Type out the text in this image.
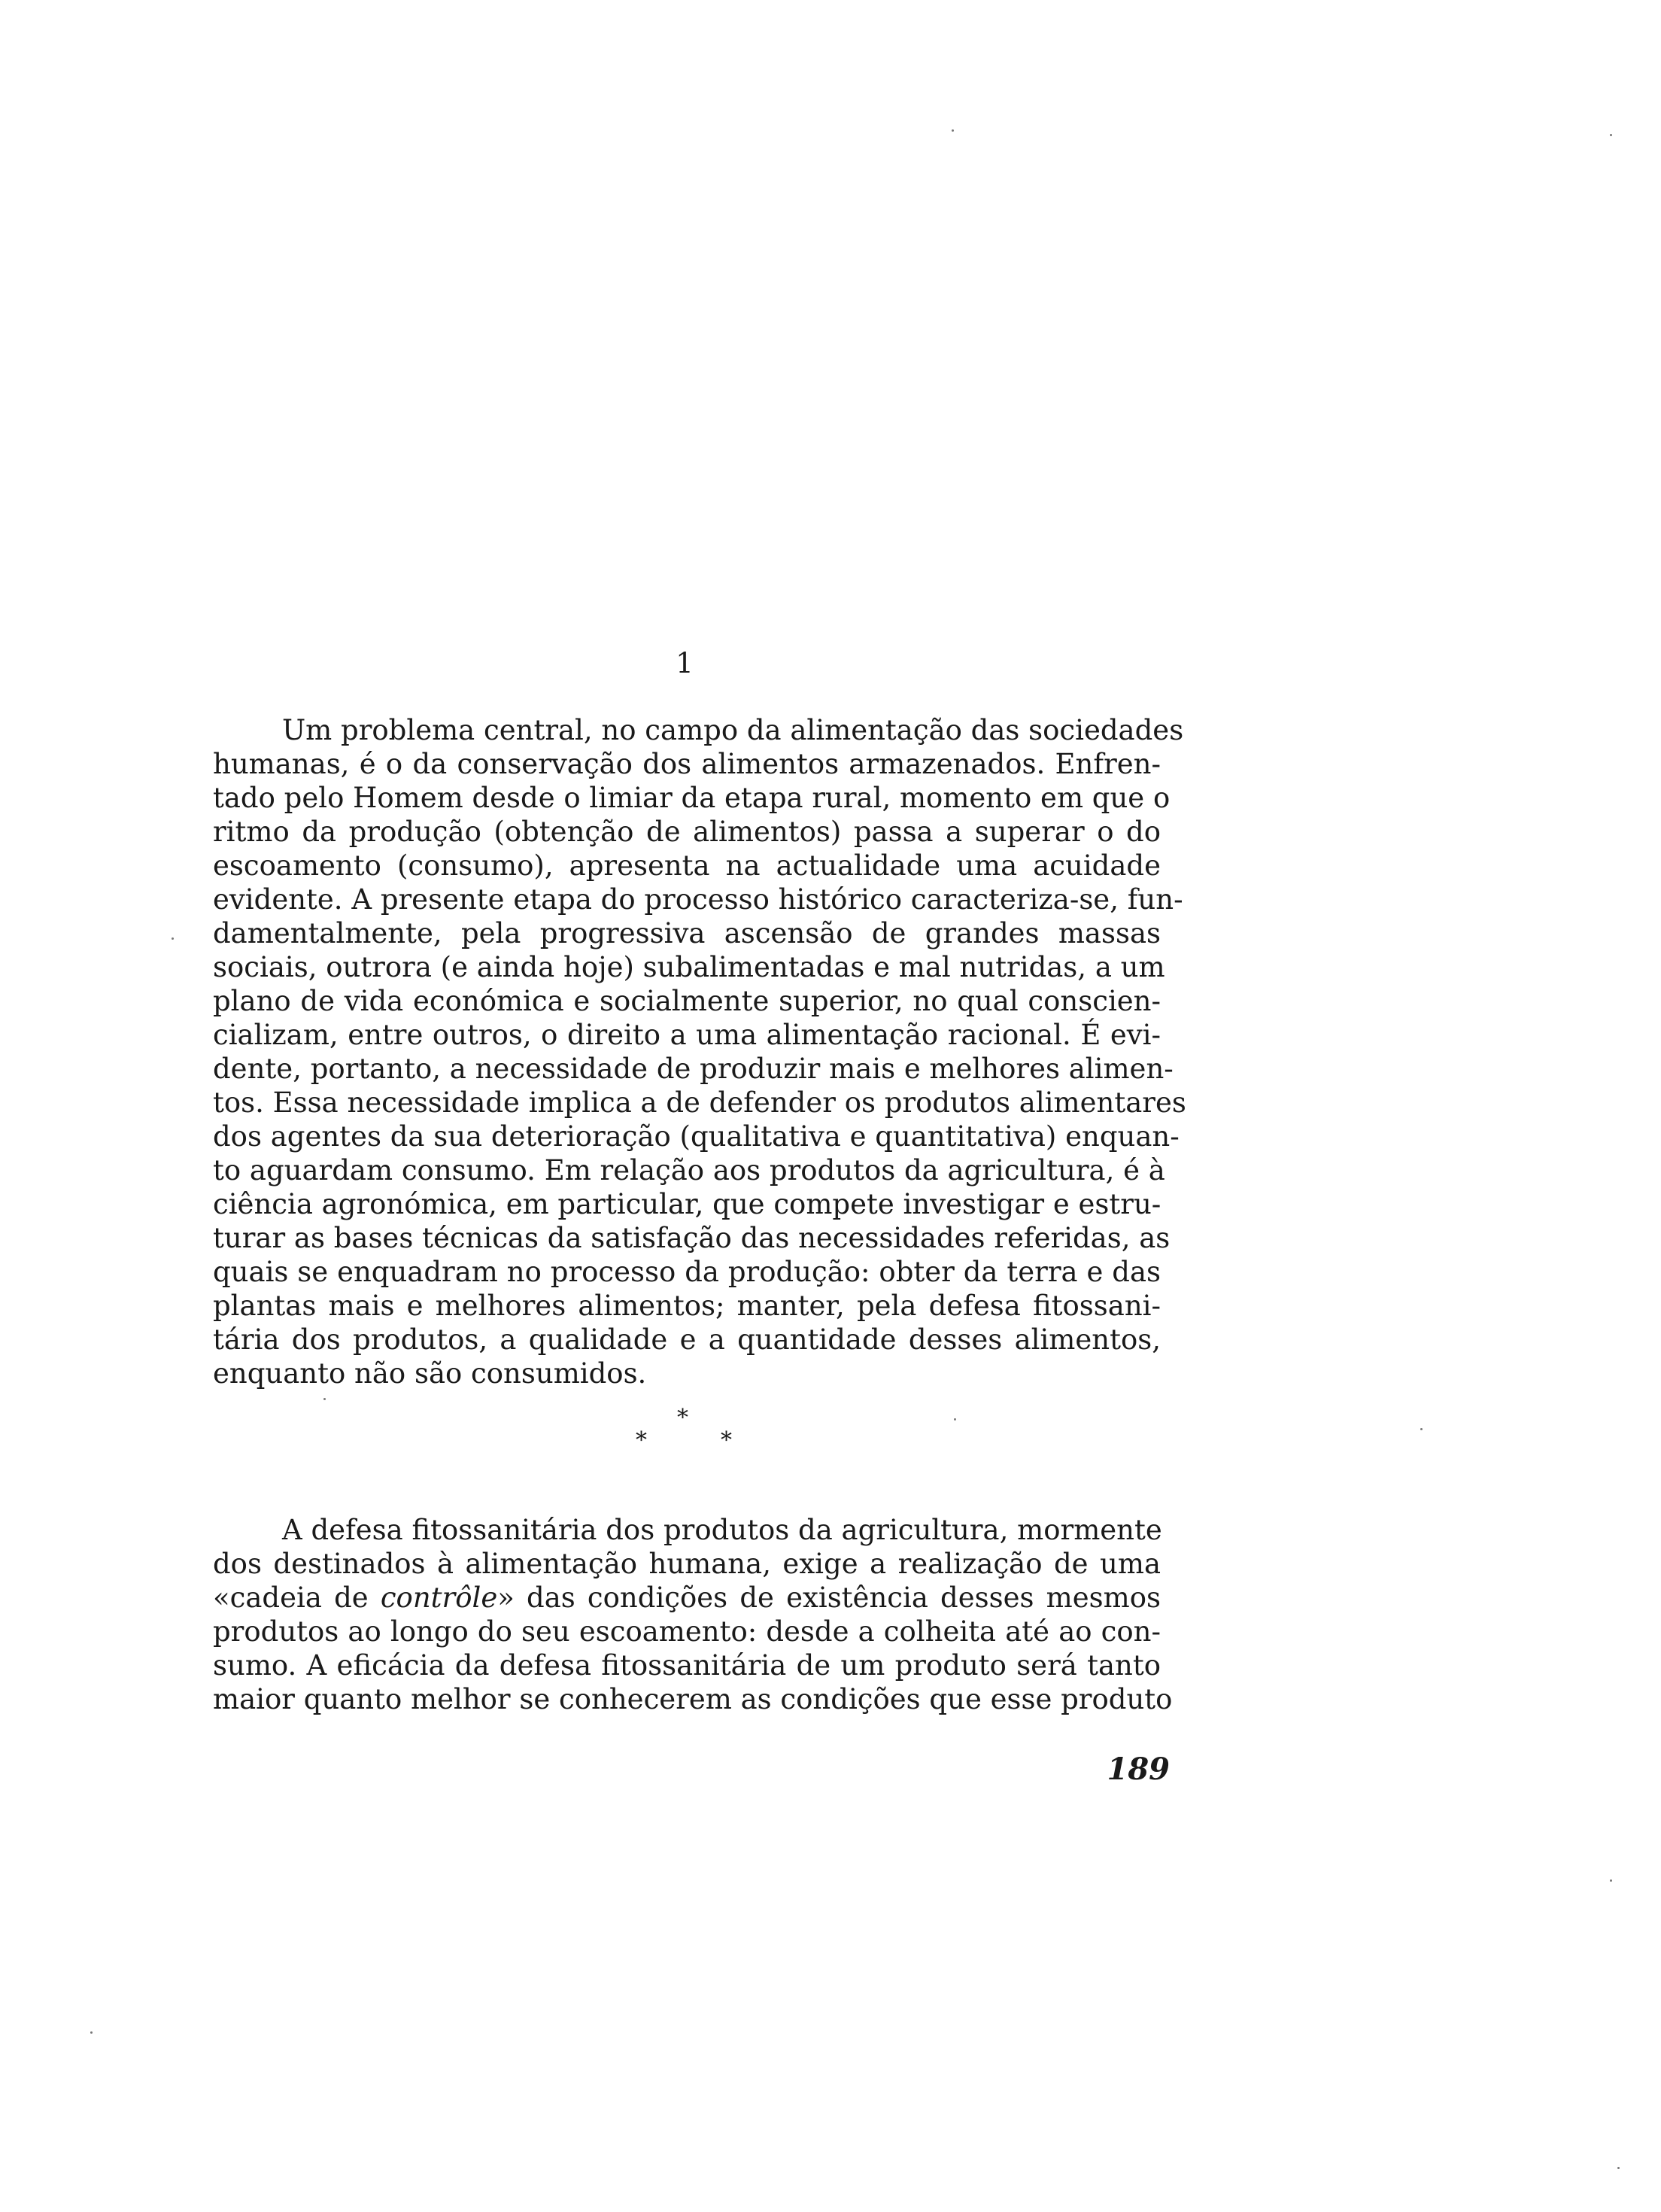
1
Um problema central, no campo da alimentação das sociedades
humanas, é o da conservação dos alimentos armazenados. Enfren-
tado pelo Homem desde o limiar da etapa rural, momento em que o
ritmo da produção (obtenção de alimentos) passa a superar o do
escoamento (consumo), apresenta na actualidade uma acuidade
evidente. A presente etapa do processo histórico caracteriza-se, fun-
damentalmente, pela progressiva ascensão de grandes massas
sociais, outrora (e ainda hoje) subalimentadas e mal nutridas, a um
plano de vida económica e socialmente superior, no qual conscien-
cializam, entre outros, o direito a uma alimentação racional. É evi-
dente, portanto, a necessidade de produzir mais e melhores alimen-
tos. Essa necessidade implica a de defender os produtos alimentares
dos agentes da sua deterioração (qualitativa e quantitativa) enquan-
to aguardam consumo. Em relação aos produtos da agricultura, é à
ciência agronómica, em particular, que compete investigar e estru-
turar as bases técnicas da satisfação das necessidades referidas, as
quais se enquadram no processo da produção: obter da terra e das
plantas mais e melhores alimentos; manter, pela defesa fitossani-
tária dos produtos, a qualidade e a quantidade desses alimentos,
enquanto não são consumidos.
*
*	*
A defesa fitossanitária dos produtos da agricultura, mormente
dos destinados à alimentação humana, exige a realização de uma
«cadeia de contrôle» das condições de existência desses mesmos
produtos ao longo do seu escoamento: desde a colheita até ao con-
sumo. A eficácia da defesa fitossanitária de um produto será tanto
maior quanto melhor se conhecerem as condições que esse produto
189
